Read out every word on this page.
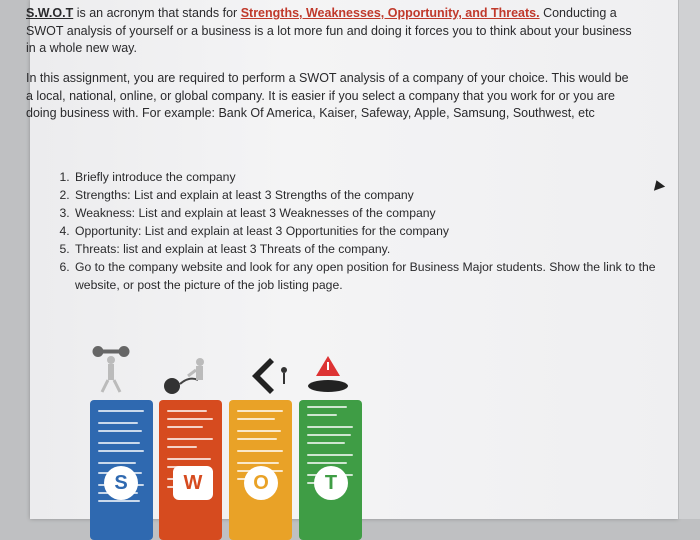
S.W.O.T is an acronym that stands for Strengths, Weaknesses, Opportunity, and Threats. Conducting a SWOT analysis of yourself or a business is a lot more fun and doing it forces you to think about your business in a whole new way.

In this assignment, you are required to perform a SWOT analysis of a company of your choice. This would be a local, national, online, or global company. It is easier if you select a company that you work for or you are doing business with. For example: Bank Of America, Kaiser, Safeway, Apple, Samsung, Southwest, etc

1. Briefly introduce the company
2. Strengths: List and explain at least 3 Strengths of the company
3. Weakness: List and explain at least 3 Weaknesses of the company
4. Opportunity: List and explain at least 3 Opportunities for the company
5. Threats: list and explain at least 3 Threats of the company.
6. Go to the company website and look for any open position for Business Major students. Show the link to the website, or post the picture of the job listing page.
S	W	O	T
